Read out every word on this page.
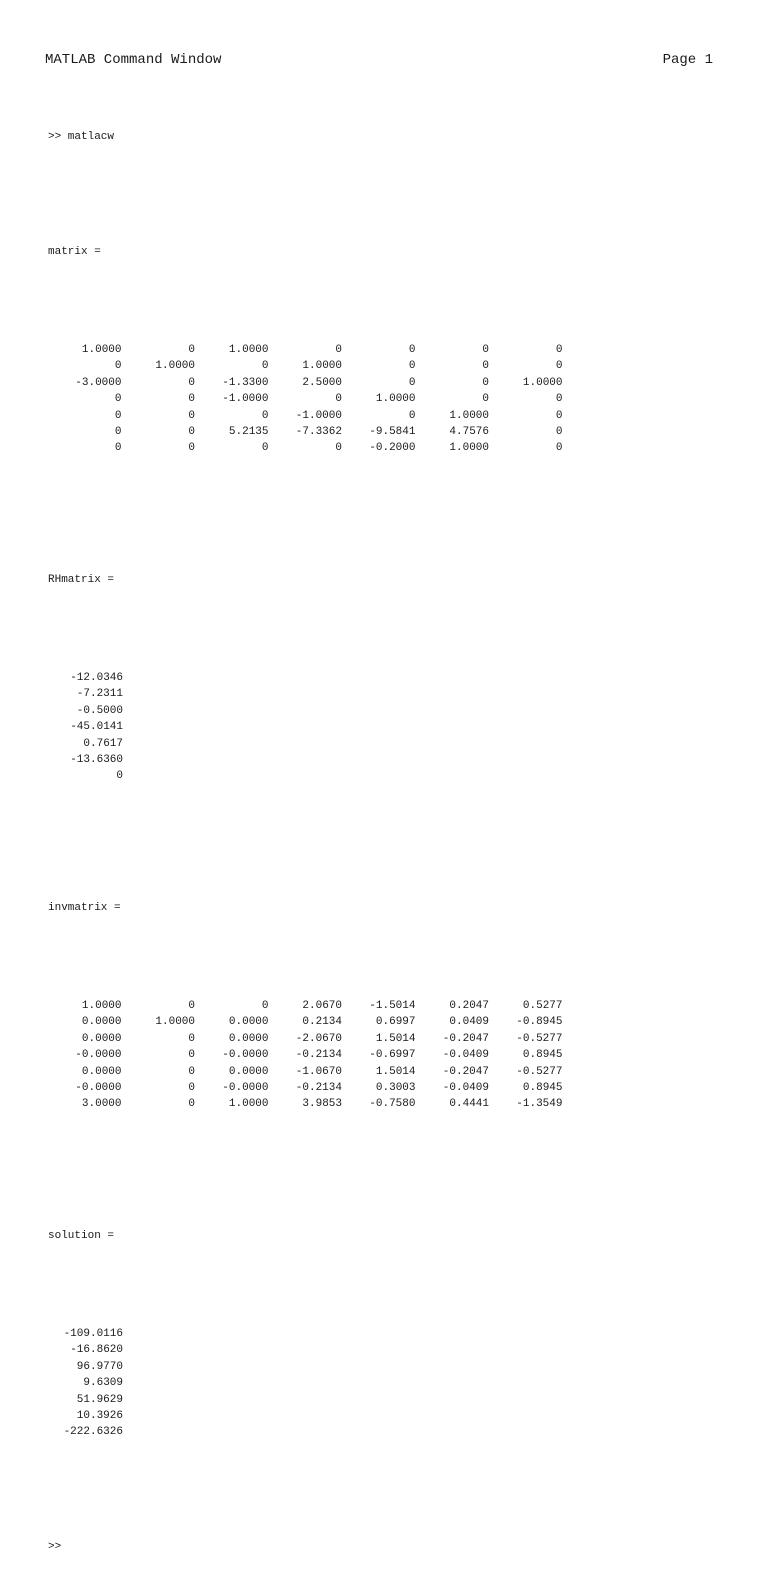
MATLAB Command Window	Page 1

>> matlacw

matrix =

1.0000	0	1.0000	0	0	0	0
0	1.0000	0	1.0000	0	0	0
-3.0000	0	-1.3300	2.5000	0	0	1.0000
0	0	-1.0000	0	1.0000	0	0
0	0	0	-1.0000	0	1.0000	0
0	0	5.2135	-7.3362	-9.5841	4.7576	0
0	0	0	0	-0.2000	1.0000	0

RHmatrix =

-12.0346
-7.2311
-0.5000
-45.0141
0.7617
-13.6360
0

invmatrix =

1.0000	0	0	2.0670	-1.5014	0.2047	0.5277
0.0000	1.0000	0.0000	0.2134	0.6997	0.0409	-0.8945
0.0000	0	0.0000	-2.0670	1.5014	-0.2047	-0.5277
-0.0000	0	-0.0000	-0.2134	-0.6997	-0.0409	0.8945
0.0000	0	0.0000	-1.0670	1.5014	-0.2047	-0.5277
-0.0000	0	-0.0000	-0.2134	0.3003	-0.0409	0.8945
3.0000	0	1.0000	3.9853	-0.7580	0.4441	-1.3549

solution =

-109.0116
-16.8620
96.9770
9.6309
51.9629
10.3926
-222.6326

>>
